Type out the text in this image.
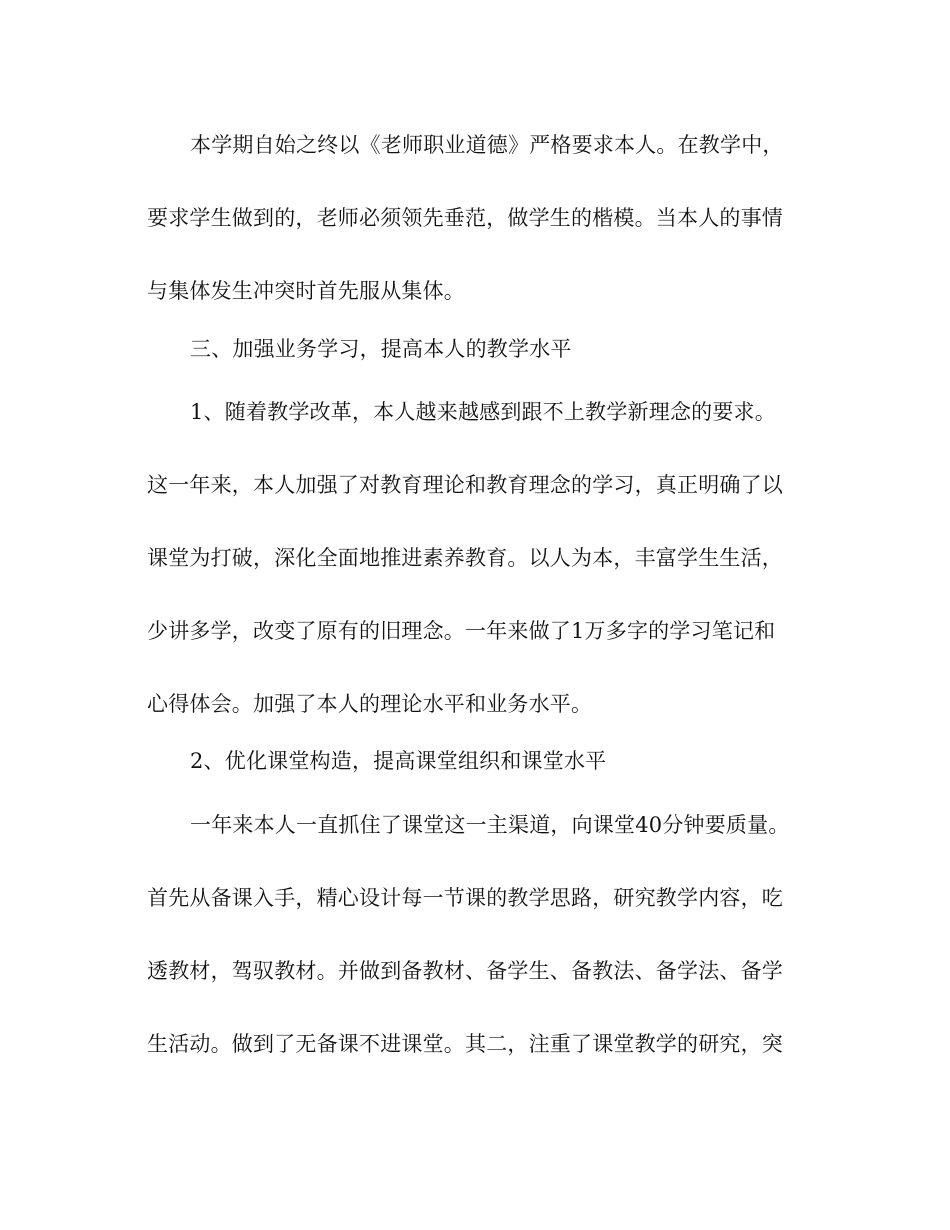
本学期自始之终以《老师职业道德》严格要求本人。在教学中，
要求学生做到的，老师必须领先垂范，做学生的楷模。当本人的事情
与集体发生冲突时首先服从集体。
三、加强业务学习，提高本人的教学水平
1、随着教学改革，本人越来越感到跟不上教学新理念的要求。
这一年来，本人加强了对教育理论和教育理念的学习，真正明确了以
课堂为打破，深化全面地推进素养教育。以人为本，丰富学生生活，
少讲多学，改变了原有的旧理念。一年来做了1万多字的学习笔记和
心得体会。加强了本人的理论水平和业务水平。
2、优化课堂构造，提高课堂组织和课堂水平
一年来本人一直抓住了课堂这一主渠道，向课堂40分钟要质量。
首先从备课入手，精心设计每一节课的教学思路，研究教学内容，吃
透教材，驾驭教材。并做到备教材、备学生、备教法、备学法、备学
生活动。做到了无备课不进课堂。其二，注重了课堂教学的研究，突
